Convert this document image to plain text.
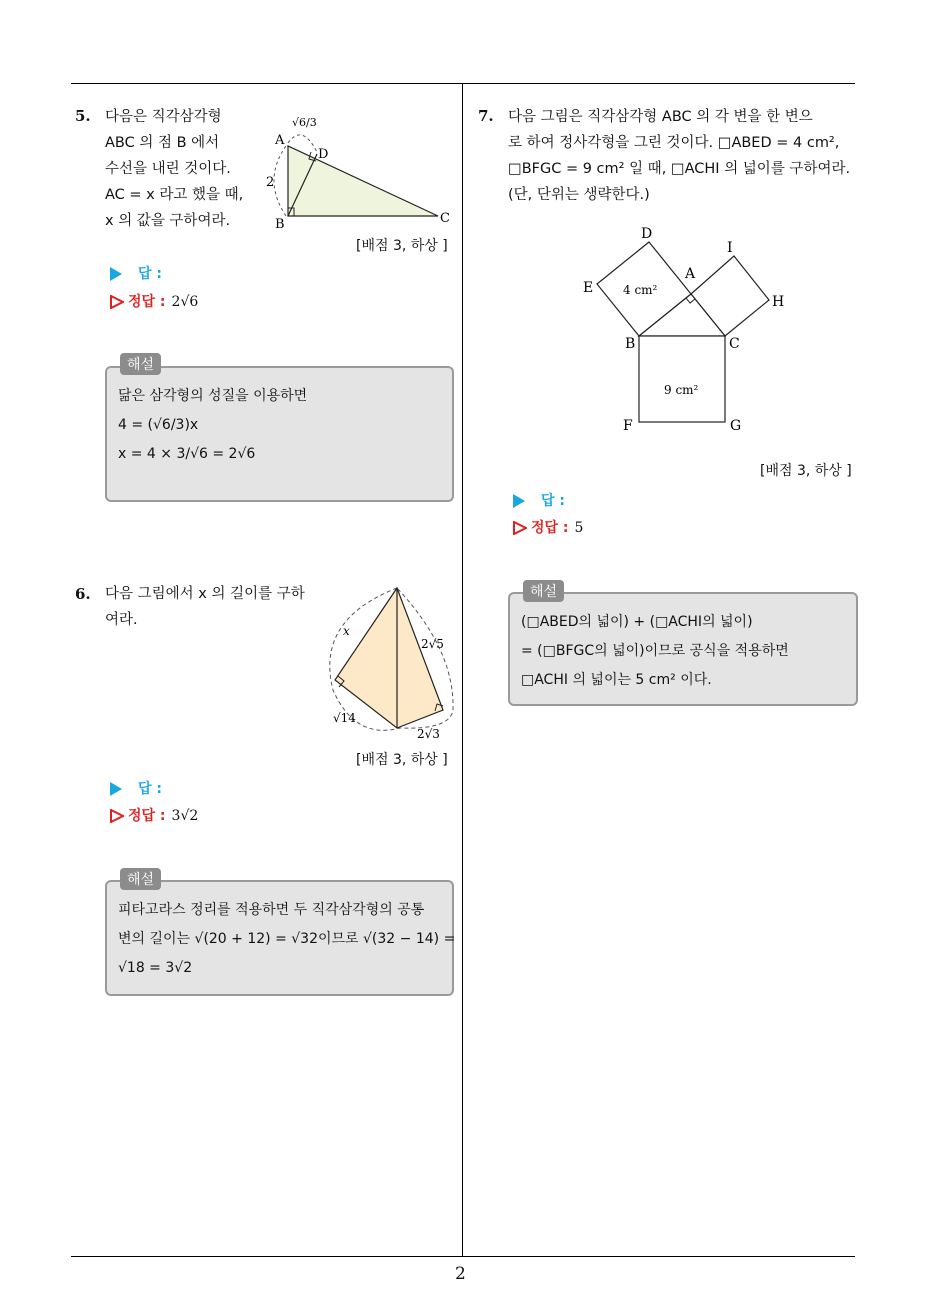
2
5. 다음은 직각삼각형
ABC 의 점 B 에서
수선을 내린 것이다.
AC = x 라고 했을 때,
x 의 값을 구하여라.
A
B	C
D
2
√6/3
[배점 3, 하상 ]
답 :
정답 : 2√6
해설
닮은 삼각형의 성질을 이용하면
4 = (√6/3)x
x = 4 × 3/√6 = 2√6
6. 다음 그림에서 x 의 길이를 구하
여라.
x
2√5
√14
2√3
[배점 3, 하상 ]
답 :
정답 : 3√2
해설
피타고라스 정리를 적용하면 두 직각삼각형의 공통
변의 길이는 √(20 + 12) = √32이므로 √(32 − 14) =
√18 = 3√2
7. 다음 그림은 직각삼각형 ABC 의 각 변을 한 변으
로 하여 정사각형을 그린 것이다. □ABED = 4 cm²,
□BFGC = 9 cm² 일 때, □ACHI 의 넓이를 구하여라.
(단, 단위는 생략한다.)
D
I
A
E
H
B	C
F	G
4 cm²
9 cm²
[배점 3, 하상 ]
답 :
정답 : 5
해설
(□ABED의 넓이) + (□ACHI의 넓이)
= (□BFGC의 넓이)이므로 공식을 적용하면
□ACHI 의 넓이는 5 cm² 이다.
